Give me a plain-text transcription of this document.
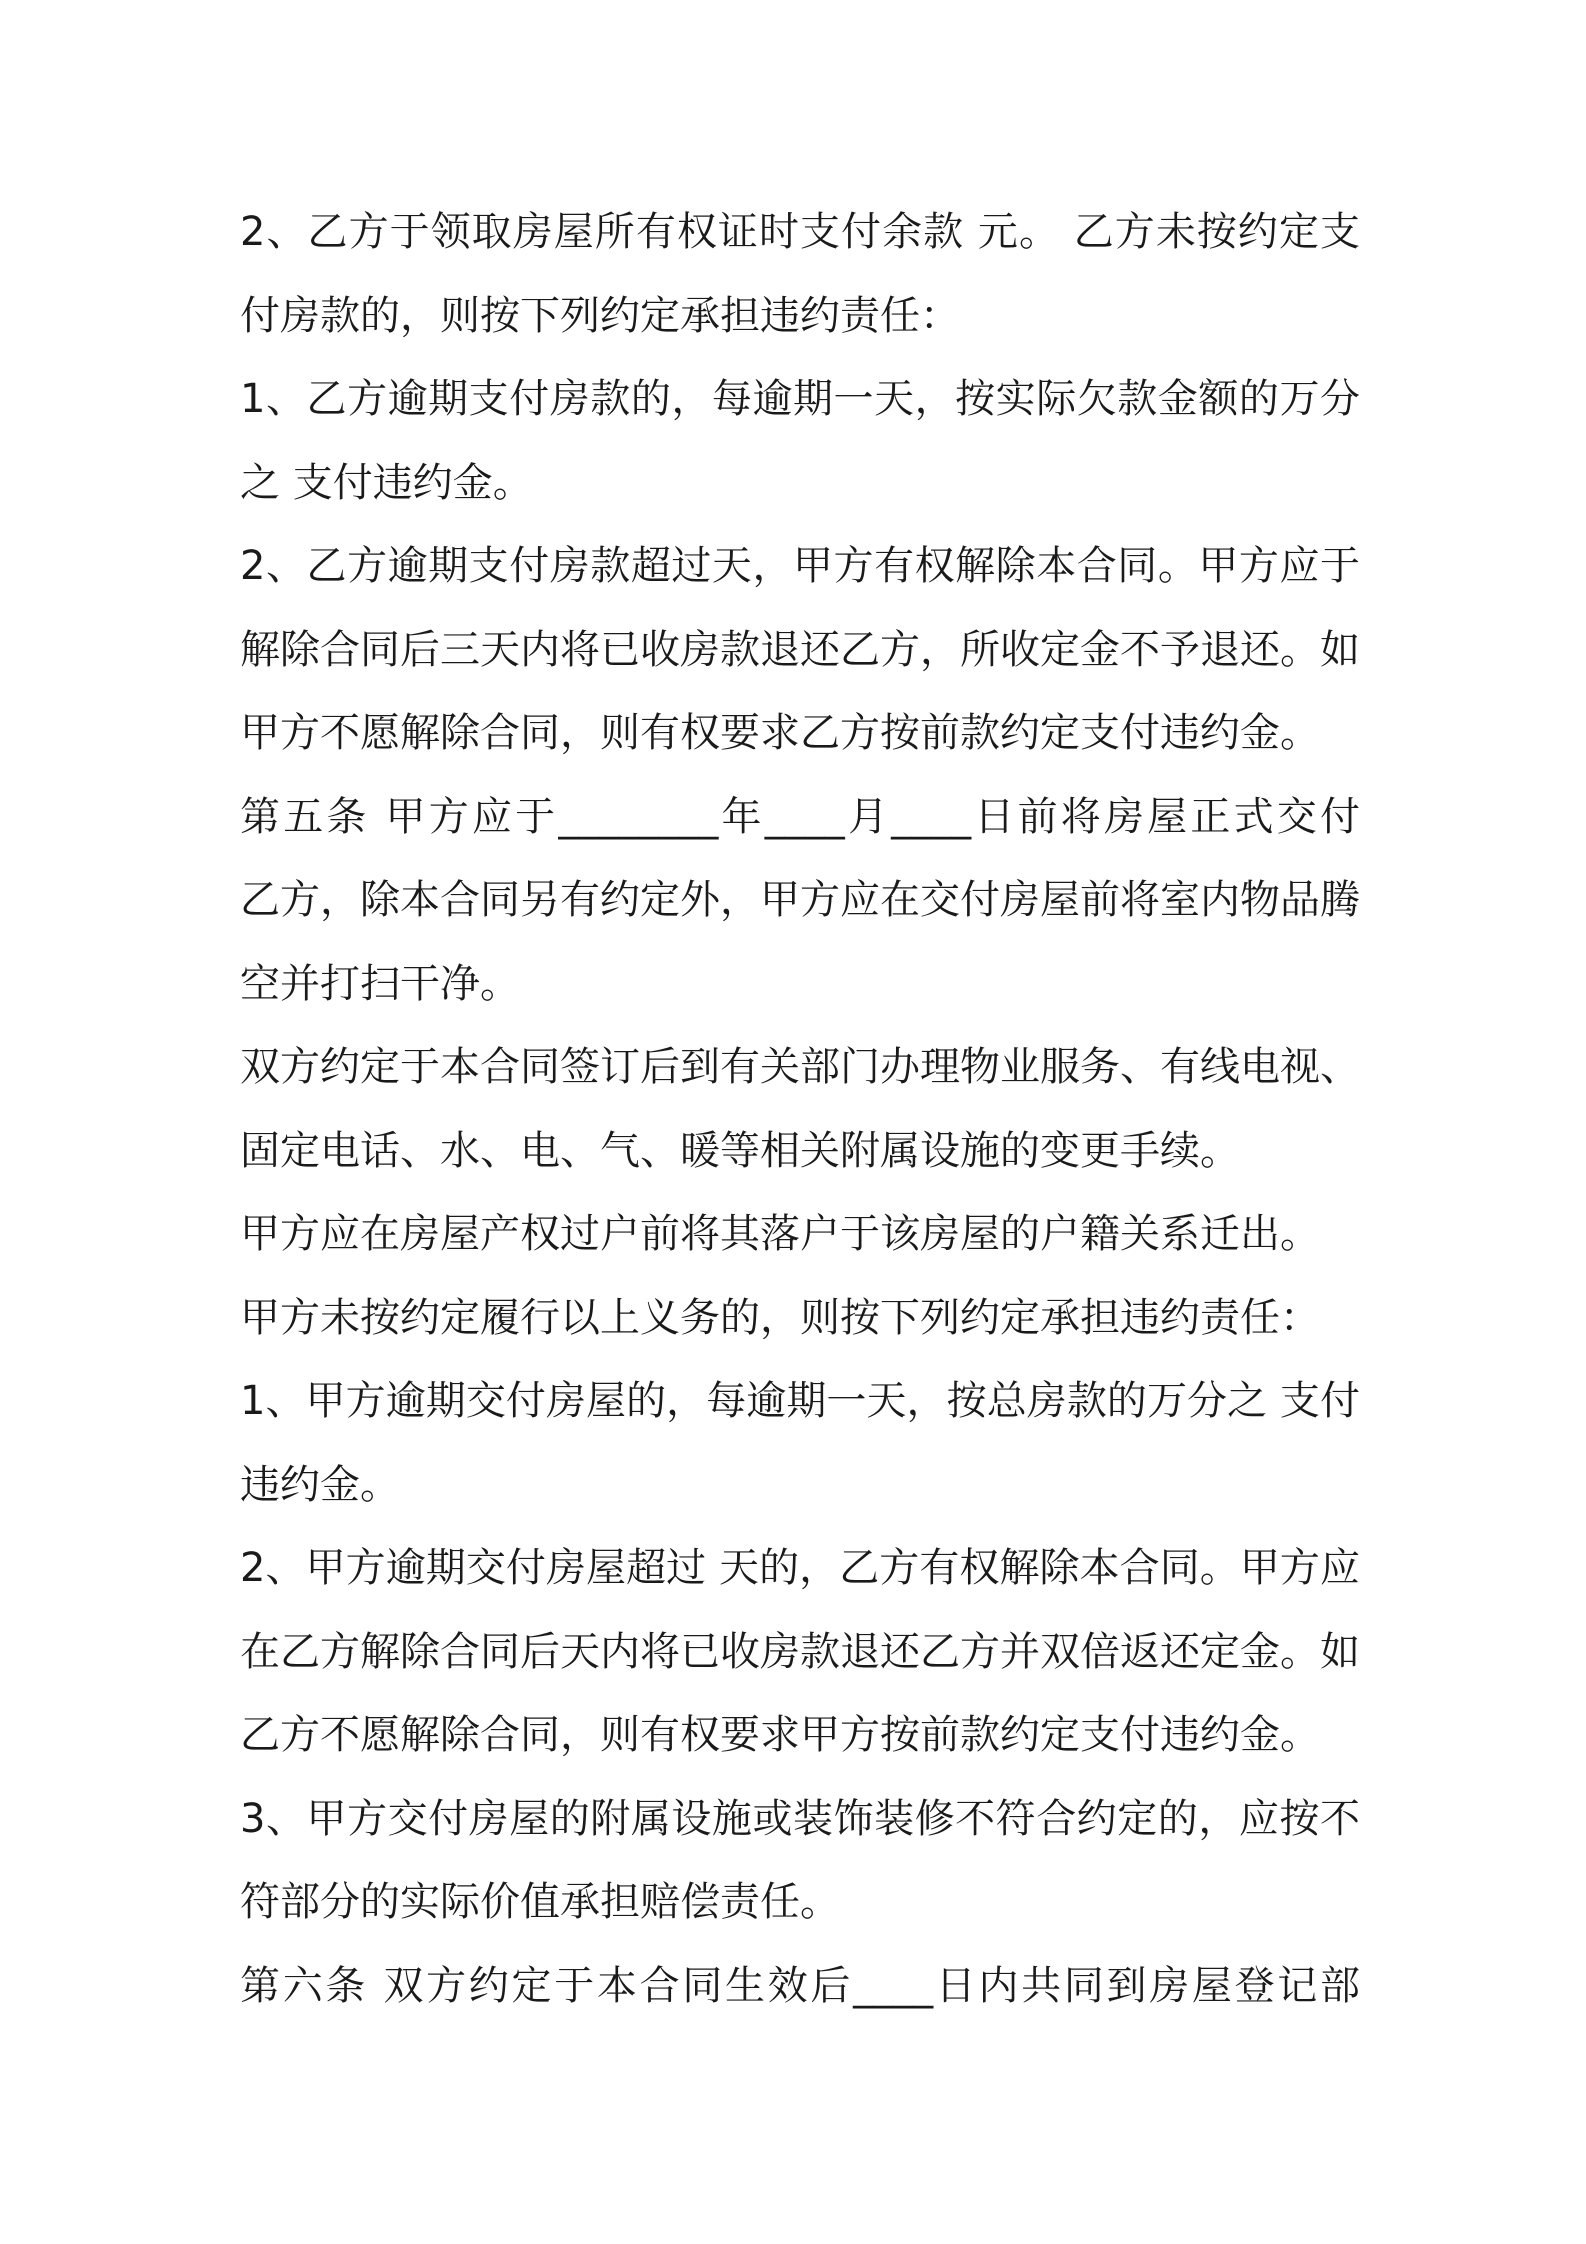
2、乙方于领取房屋所有权证时支付余款 元。 乙方未按约定支
付房款的，则按下列约定承担违约责任：
1、乙方逾期支付房款的，每逾期一天，按实际欠款金额的万分
之 支付违约金。
2、乙方逾期支付房款超过天，甲方有权解除本合同。甲方应于
解除合同后三天内将已收房款退还乙方，所收定金不予退还。如
甲方不愿解除合同，则有权要求乙方按前款约定支付违约金。
第五条 甲方应于________年____月____日前将房屋正式交付
乙方，除本合同另有约定外，甲方应在交付房屋前将室内物品腾
空并打扫干净。
双方约定于本合同签订后到有关部门办理物业服务、有线电视、
固定电话、水、电、气、暖等相关附属设施的变更手续。
甲方应在房屋产权过户前将其落户于该房屋的户籍关系迁出。
甲方未按约定履行以上义务的，则按下列约定承担违约责任：
1、甲方逾期交付房屋的，每逾期一天，按总房款的万分之 支付
违约金。
2、甲方逾期交付房屋超过 天的，乙方有权解除本合同。甲方应
在乙方解除合同后天内将已收房款退还乙方并双倍返还定金。如
乙方不愿解除合同，则有权要求甲方按前款约定支付违约金。
3、甲方交付房屋的附属设施或装饰装修不符合约定的，应按不
符部分的实际价值承担赔偿责任。
第六条 双方约定于本合同生效后____日内共同到房屋登记部
